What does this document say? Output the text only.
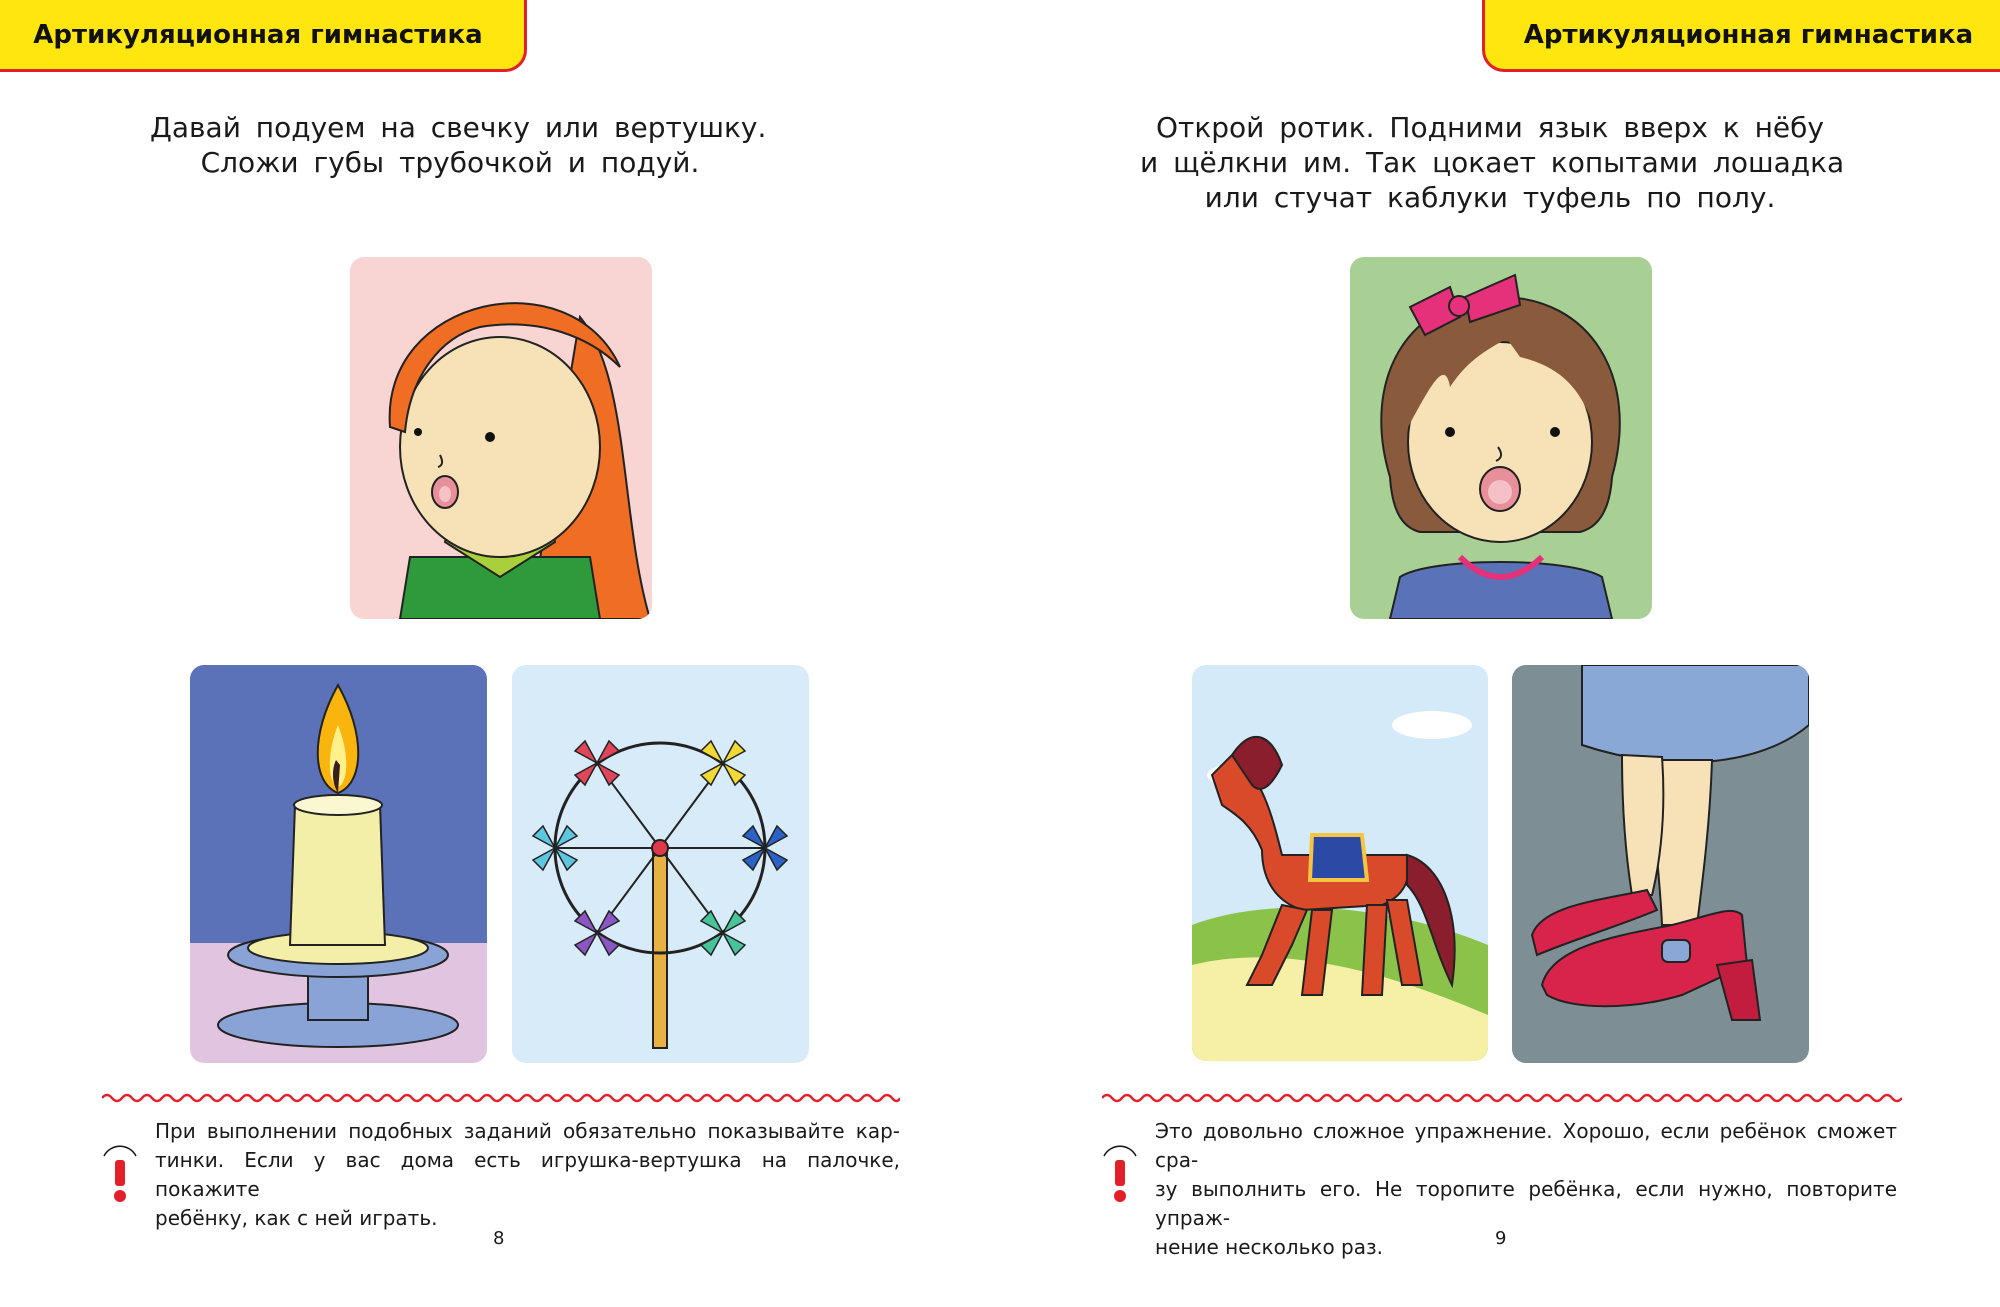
Артикуляционная гимнастика
Давай подуем на свечку или вертушку.
Сложи губы трубочкой и подуй.
При выполнении подобных заданий обязательно показывайте кар-
тинки. Если у вас дома есть игрушка-вертушка на палочке, покажите
ребёнку, как с ней играть.
8
Артикуляционная гимнастика
Открой ротик. Подними язык вверх к нёбу
и щёлкни им. Так цокает копытами лошадка
или стучат каблуки туфель по полу.
Это довольно сложное упражнение. Хорошо, если ребёнок сможет сра-
зу выполнить его. Не торопите ребёнка, если нужно, повторите упраж-
нение несколько раз.	9
